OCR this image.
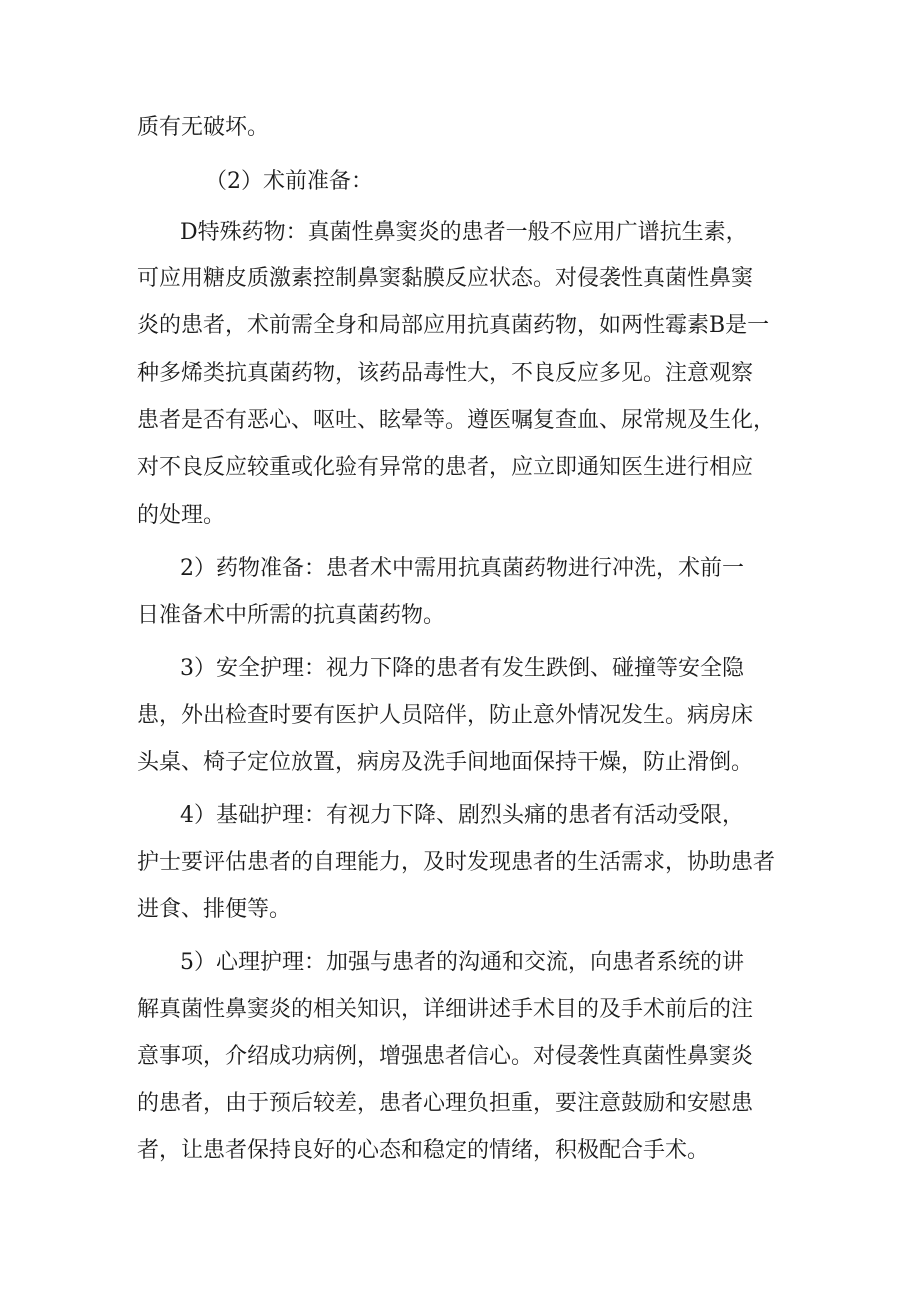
质有无破坏。
（2）术前准备：
D特殊药物：真菌性鼻窦炎的患者一般不应用广谱抗生素，
可应用糖皮质激素控制鼻窦黏膜反应状态。对侵袭性真菌性鼻窦
炎的患者，术前需全身和局部应用抗真菌药物，如两性霉素B是一
种多烯类抗真菌药物，该药品毒性大，不良反应多见。注意观察
患者是否有恶心、呕吐、眩晕等。遵医嘱复查血、尿常规及生化，
对不良反应较重或化验有异常的患者，应立即通知医生进行相应
的处理。
2）药物准备：患者术中需用抗真菌药物进行冲洗，术前一
日准备术中所需的抗真菌药物。
3）安全护理：视力下降的患者有发生跌倒、碰撞等安全隐
患，外出检查时要有医护人员陪伴，防止意外情况发生。病房床
头桌、椅子定位放置，病房及洗手间地面保持干燥，防止滑倒。
4）基础护理：有视力下降、剧烈头痛的患者有活动受限，
护士要评估患者的自理能力，及时发现患者的生活需求，协助患者
进食、排便等。
5）心理护理：加强与患者的沟通和交流，向患者系统的讲
解真菌性鼻窦炎的相关知识，详细讲述手术目的及手术前后的注
意事项，介绍成功病例，增强患者信心。对侵袭性真菌性鼻窦炎
的患者，由于预后较差，患者心理负担重，要注意鼓励和安慰患
者，让患者保持良好的心态和稳定的情绪，积极配合手术。
